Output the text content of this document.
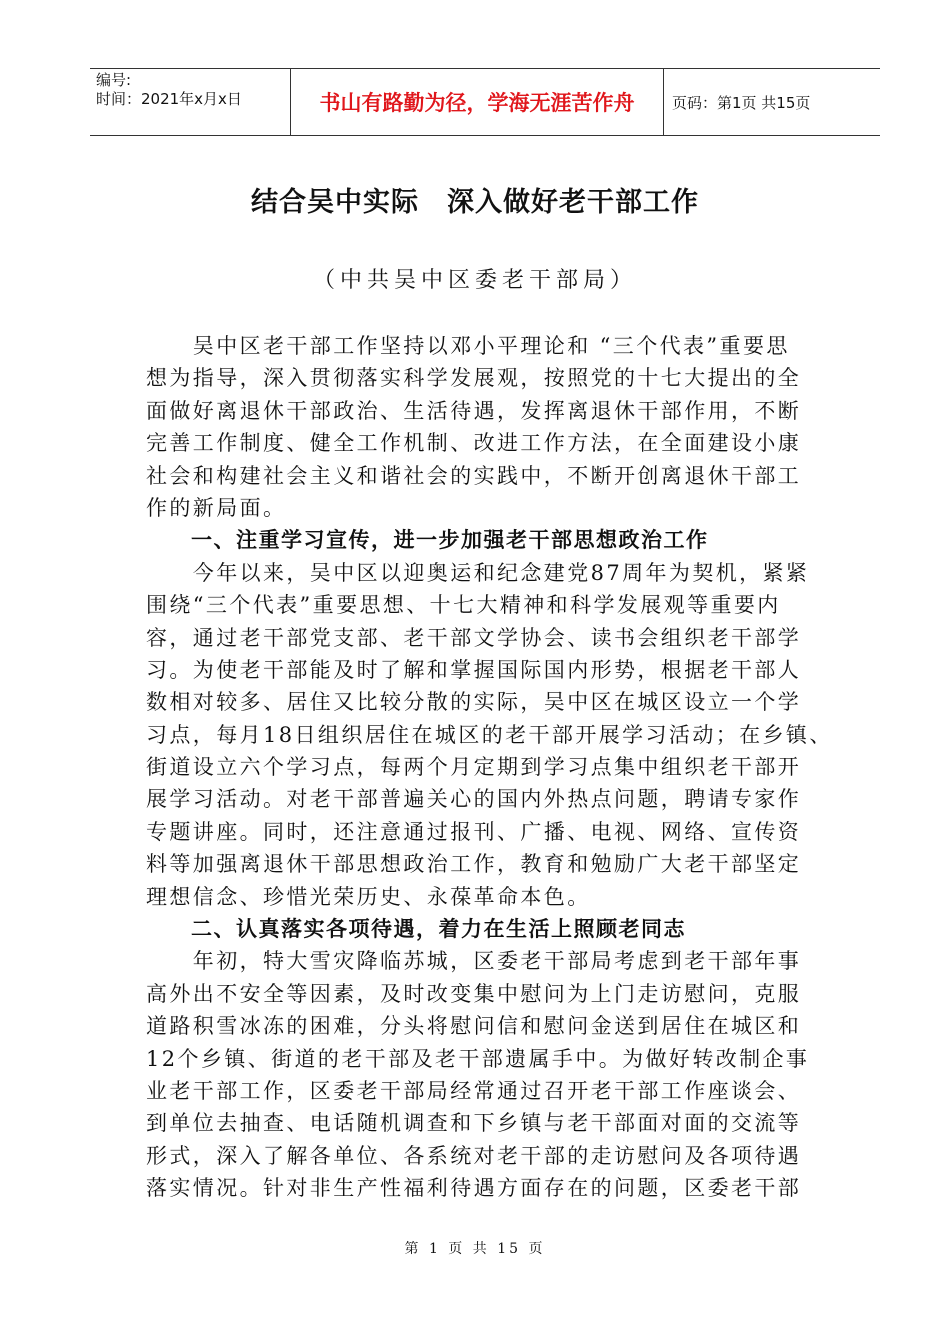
编号:
时间：2021年x月x日	书山有路勤为径，学海无涯苦作舟	页码：第1页 共15页
结合吴中实际　深入做好老干部工作
（中共吴中区委老干部局）
　　吴中区老干部工作坚持以邓小平理论和 “三个代表”重要思
想为指导，深入贯彻落实科学发展观，按照党的十七大提出的全
面做好离退休干部政治、生活待遇，发挥离退休干部作用，不断
完善工作制度、健全工作机制、改进工作方法，在全面建设小康
社会和构建社会主义和谐社会的实践中，不断开创离退休干部工
作的新局面。
　　一、注重学习宣传，进一步加强老干部思想政治工作
　　今年以来，吴中区以迎奥运和纪念建党87周年为契机，紧紧
围绕“三个代表”重要思想、十七大精神和科学发展观等重要内
容，通过老干部党支部、老干部文学协会、读书会组织老干部学
习。为使老干部能及时了解和掌握国际国内形势，根据老干部人
数相对较多、居住又比较分散的实际，吴中区在城区设立一个学
习点，每月18日组织居住在城区的老干部开展学习活动；在乡镇、
街道设立六个学习点，每两个月定期到学习点集中组织老干部开
展学习活动。对老干部普遍关心的国内外热点问题，聘请专家作
专题讲座。同时，还注意通过报刊、广播、电视、网络、宣传资
料等加强离退休干部思想政治工作，教育和勉励广大老干部坚定
理想信念、珍惜光荣历史、永葆革命本色。
　　二、认真落实各项待遇，着力在生活上照顾老同志
　　年初，特大雪灾降临苏城，区委老干部局考虑到老干部年事
高外出不安全等因素，及时改变集中慰问为上门走访慰问，克服
道路积雪冰冻的困难，分头将慰问信和慰问金送到居住在城区和
12个乡镇、街道的老干部及老干部遗属手中。为做好转改制企事
业老干部工作，区委老干部局经常通过召开老干部工作座谈会、
到单位去抽查、电话随机调查和下乡镇与老干部面对面的交流等
形式，深入了解各单位、各系统对老干部的走访慰问及各项待遇
落实情况。针对非生产性福利待遇方面存在的问题，区委老干部
第 1 页 共 15 页
